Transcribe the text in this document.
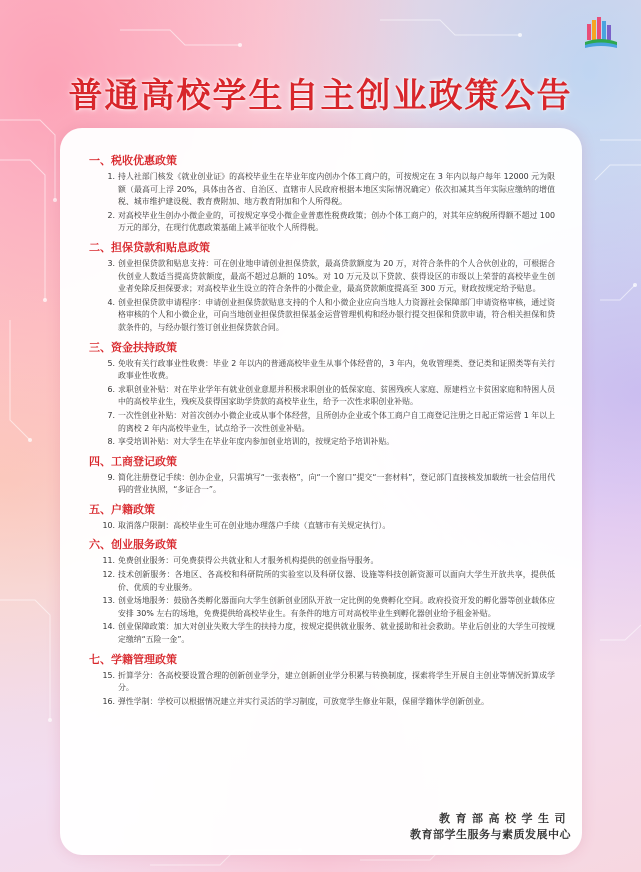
普通高校学生自主创业政策公告
一、税收优惠政策
1. 持人社部门核发《就业创业证》的高校毕业生在毕业年度内创办个体工商户的，可按规定在 3 年内以每户每年 12000 元为限额（最高可上浮 20%，具体由各省、自治区、直辖市人民政府根据本地区实际情况确定）依次扣减其当年实际应缴纳的增值税、城市维护建设税、教育费附加、地方教育附加和个人所得税。
2. 对高校毕业生创办小微企业的，可按规定享受小微企业普惠性税费政策；创办个体工商户的，对其年应纳税所得额不超过 100 万元的部分，在现行优惠政策基础上减半征收个人所得税。
二、担保贷款和贴息政策
3. 创业担保贷款和贴息支持：可在创业地申请创业担保贷款，最高贷款额度为 20 万，对符合条件的个人合伙创业的，可根据合伙创业人数适当提高贷款额度，最高不超过总额的 10%。对 10 万元及以下贷款、获得设区的市级以上荣誉的高校毕业生创业者免除反担保要求；对高校毕业生设立的符合条件的小微企业，最高贷款额度提高至 300 万元，财政按规定给予贴息。
4. 创业担保贷款申请程序：申请创业担保贷款贴息支持的个人和小微企业应向当地人力资源社会保障部门申请资格审核，通过资格审核的个人和小微企业，可向当地创业担保贷款担保基金运营管理机构和经办银行提交担保和贷款申请，符合相关担保和贷款条件的，与经办银行签订创业担保贷款合同。
三、资金扶持政策
5. 免收有关行政事业性收费：毕业 2 年以内的普通高校毕业生从事个体经营的，3 年内，免收管理类、登记类和证照类等有关行政事业性收费。
6. 求职创业补贴：对在毕业学年有就业创业意愿并积极求职创业的低保家庭、贫困残疾人家庭、原建档立卡贫困家庭和特困人员中的高校毕业生，残疾及获得国家助学贷款的高校毕业生，给予一次性求职创业补贴。
7. 一次性创业补贴：对首次创办小微企业或从事个体经营，且所创办企业或个体工商户自工商登记注册之日起正常运营 1 年以上的离校 2 年内高校毕业生，试点给予一次性创业补贴。
8. 享受培训补贴：对大学生在毕业年度内参加创业培训的，按规定给予培训补贴。
四、工商登记政策
9. 简化注册登记手续：创办企业，只需填写“一张表格”，向“一个窗口”提交“一套材料”，登记部门直接核发加载统一社会信用代码的营业执照，“多证合一”。
五、户籍政策
10. 取消落户限制：高校毕业生可在创业地办理落户手续（直辖市有关规定执行）。
六、创业服务政策
11. 免费创业服务：可免费获得公共就业和人才服务机构提供的创业指导服务。
12. 技术创新服务：各地区、各高校和科研院所的实验室以及科研仪器、设施等科技创新资源可以面向大学生开放共享，提供低价、优质的专业服务。
13. 创业场地服务：鼓励各类孵化器面向大学生创新创业团队开放一定比例的免费孵化空间。政府投资开发的孵化器等创业载体应安排 30% 左右的场地，免费提供给高校毕业生。有条件的地方可对高校毕业生到孵化器创业给予租金补贴。
14. 创业保障政策：加大对创业失败大学生的扶持力度，按规定提供就业服务、就业援助和社会救助。毕业后创业的大学生可按规定缴纳“五险一金”。
七、学籍管理政策
15. 折算学分：各高校要设置合理的创新创业学分，建立创新创业学分积累与转换制度，探索将学生开展自主创业等情况折算成学分。
16. 弹性学制：学校可以根据情况建立并实行灵活的学习制度，可放宽学生修业年限，保留学籍休学创新创业。
教育部高校学生司
教育部学生服务与素质发展中心
